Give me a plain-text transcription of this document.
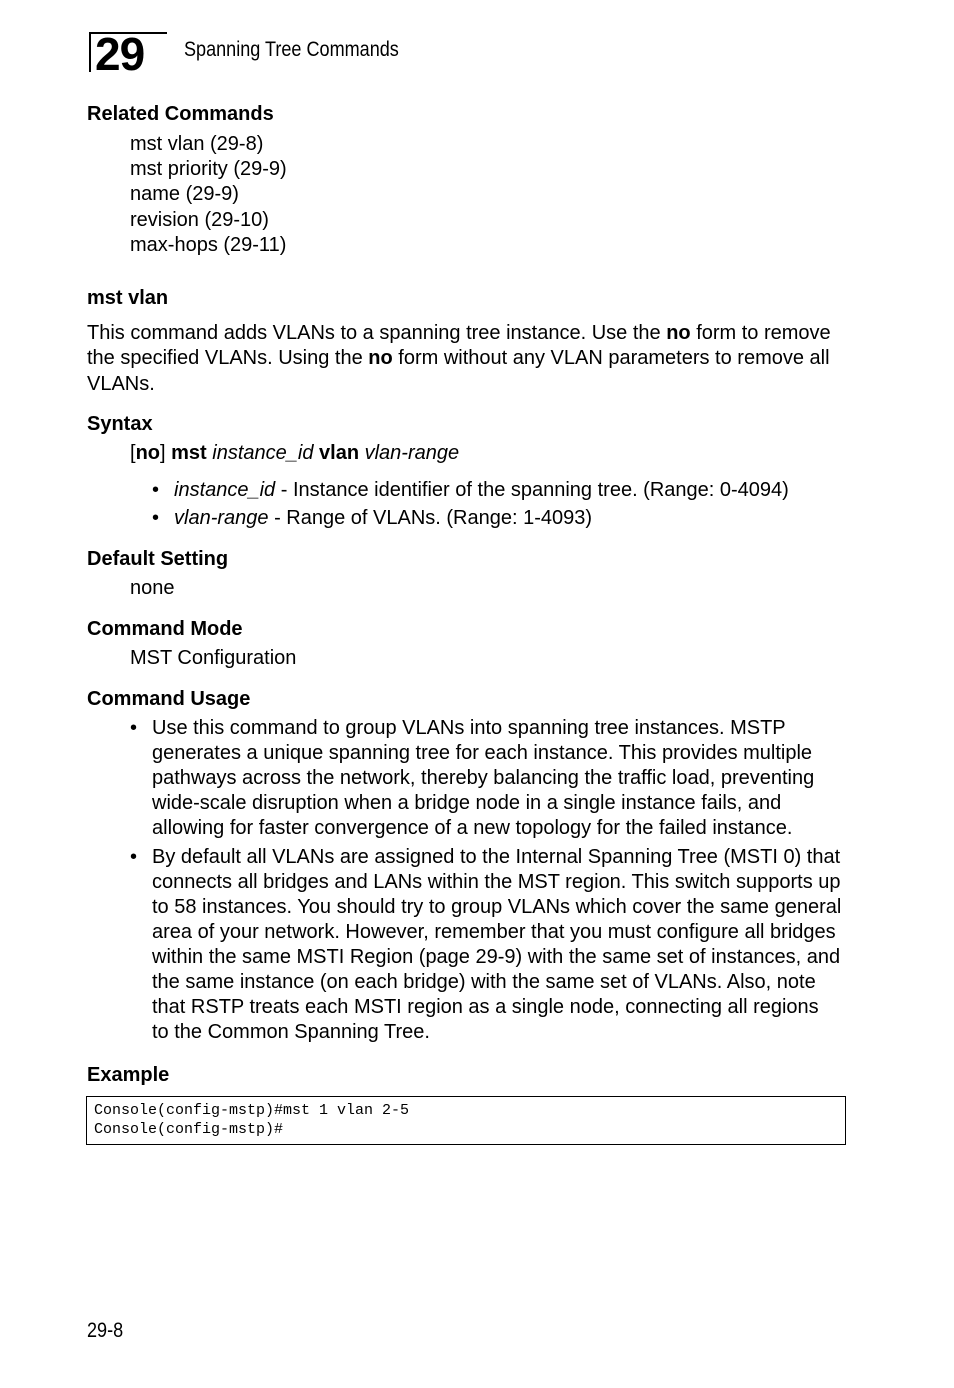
29	Spanning Tree Commands
Related Commands
mst vlan (29-8)
mst priority (29-9)
name (29-9)
revision (29-10)
max-hops (29-11)
mst vlan
This command adds VLANs to a spanning tree instance. Use the no form to remove
the specified VLANs. Using the no form without any VLAN parameters to remove all
VLANs.
Syntax
[no] mst instance_id vlan vlan-range
• instance_id - Instance identifier of the spanning tree. (Range: 0-4094)
• vlan-range - Range of VLANs. (Range: 1-4093)
Default Setting
none
Command Mode
MST Configuration
Command Usage
• Use this command to group VLANs into spanning tree instances. MSTP
generates a unique spanning tree for each instance. This provides multiple
pathways across the network, thereby balancing the traffic load, preventing
wide-scale disruption when a bridge node in a single instance fails, and
allowing for faster convergence of a new topology for the failed instance.
• By default all VLANs are assigned to the Internal Spanning Tree (MSTI 0) that
connects all bridges and LANs within the MST region. This switch supports up
to 58 instances. You should try to group VLANs which cover the same general
area of your network. However, remember that you must configure all bridges
within the same MSTI Region (page 29-9) with the same set of instances, and
the same instance (on each bridge) with the same set of VLANs. Also, note
that RSTP treats each MSTI region as a single node, connecting all regions
to the Common Spanning Tree.
Example
Console(config-mstp)#mst 1 vlan 2-5
Console(config-mstp)#
29-8
